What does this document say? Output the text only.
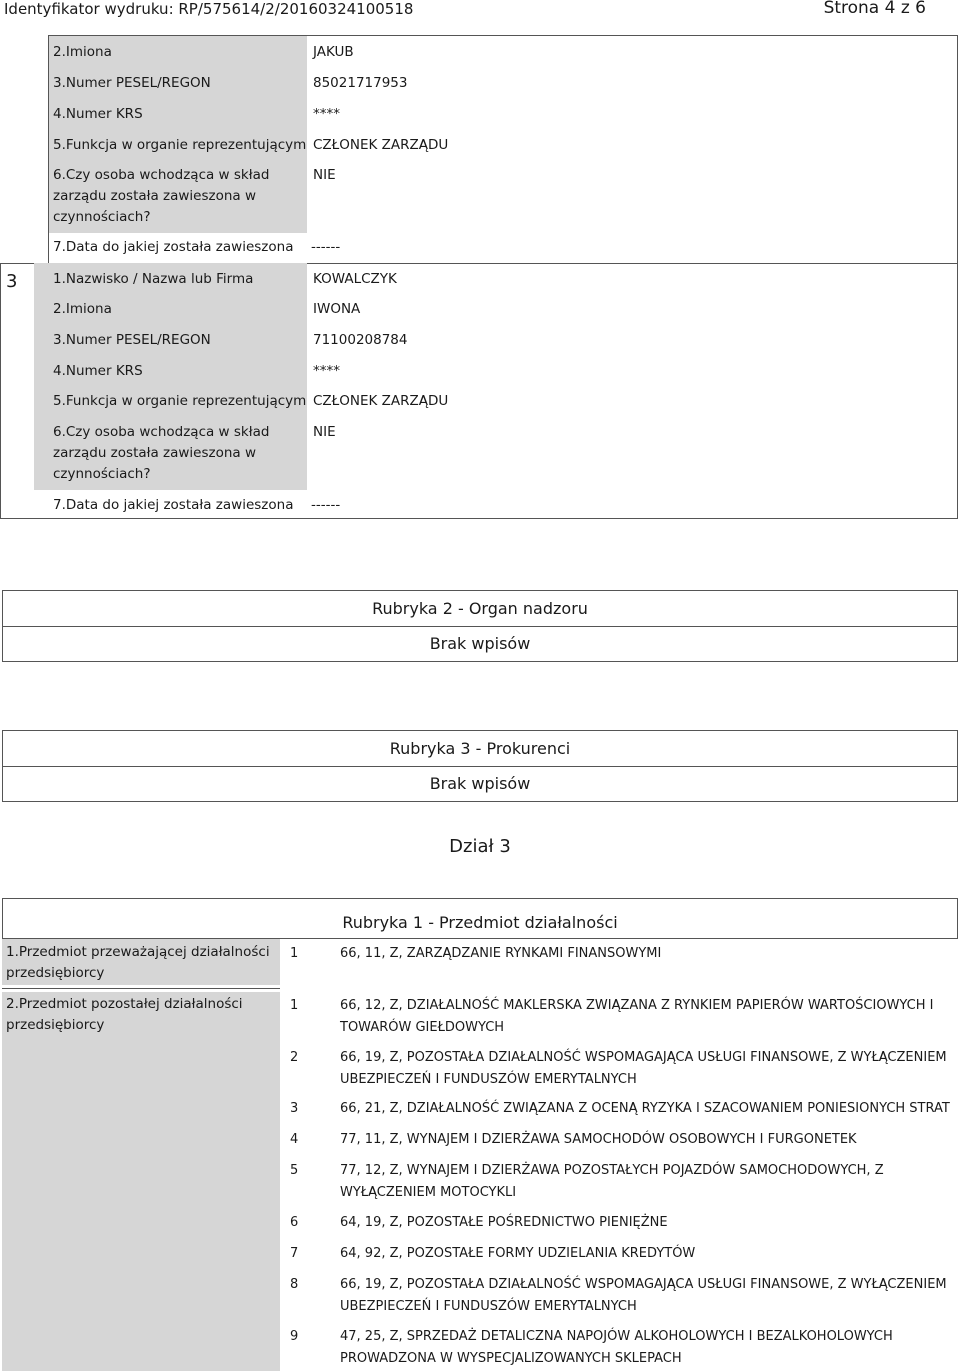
Identyfikator wydruku: RP/575614/2/20160324100518	Strona 4 z 6
2.Imiona	JAKUB
3.Numer PESEL/REGON	85021717953
4.Numer KRS	****
5.Funkcja w organie reprezentującym CZŁONEK ZARZĄDU
6.Czy osoba wchodząca w skład zarządu została zawieszona w czynnościach?
NIE
7.Data do jakiej została zawieszona ------
3	1.Nazwisko / Nazwa lub Firma	KOWALCZYK
2.Imiona	IWONA
3.Numer PESEL/REGON	71100208784
4.Numer KRS	****
5.Funkcja w organie reprezentującym CZŁONEK ZARZĄDU
6.Czy osoba wchodząca w skład zarządu została zawieszona w czynnościach?
NIE
7.Data do jakiej została zawieszona ------
Rubryka 2 - Organ nadzoru
Brak wpisów
Rubryka 3 - Prokurenci
Brak wpisów
Dział 3
Rubryka 1 - Przedmiot działalności
1.Przedmiot przeważającej działalności przedsiębiorcy
1	66, 11, Z, ZARZĄDZANIE RYNKAMI FINANSOWYMI
2.Przedmiot pozostałej działalności przedsiębiorcy
1	66, 12, Z, DZIAŁALNOŚĆ MAKLERSKA ZWIĄZANA Z RYNKIEM PAPIERÓW WARTOŚCIOWYCH I TOWARÓW GIEŁDOWYCH
2	66, 19, Z, POZOSTAŁA DZIAŁALNOŚĆ WSPOMAGAJĄCA USŁUGI FINANSOWE, Z WYŁĄCZENIEM UBEZPIECZEŃ I FUNDUSZÓW EMERYTALNYCH
3	66, 21, Z, DZIAŁALNOŚĆ ZWIĄZANA Z OCENĄ RYZYKA I SZACOWANIEM PONIESIONYCH STRAT
4	77, 11, Z, WYNAJEM I DZIERŻAWA SAMOCHODÓW OSOBOWYCH I FURGONETEK
5	77, 12, Z, WYNAJEM I DZIERŻAWA POZOSTAŁYCH POJAZDÓW SAMOCHODOWYCH, Z WYŁĄCZENIEM MOTOCYKLI
6	64, 19, Z, POZOSTAŁE POŚREDNICTWO PIENIĘŻNE
7	64, 92, Z, POZOSTAŁE FORMY UDZIELANIA KREDYTÓW
8	66, 19, Z, POZOSTAŁA DZIAŁALNOŚĆ WSPOMAGAJĄCA USŁUGI FINANSOWE, Z WYŁĄCZENIEM UBEZPIECZEŃ I FUNDUSZÓW EMERYTALNYCH
9	47, 25, Z, SPRZEDAŻ DETALICZNA NAPOJÓW ALKOHOLOWYCH I BEZALKOHOLOWYCH PROWADZONA W WYSPECJALIZOWANYCH SKLEPACH
